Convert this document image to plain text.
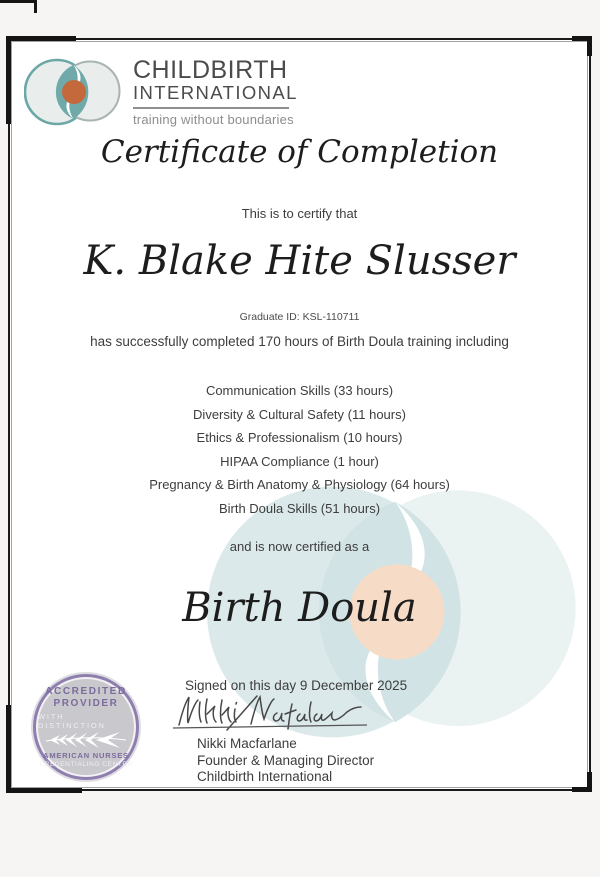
CHILDBIRTH
INTERNATIONAL
training without boundaries
Certificate of Completion
This is to certify that
K. Blake Hite Slusser
Graduate ID: KSL-110711
has successfully completed 170 hours of Birth Doula training including
Communication Skills (33 hours)
Diversity & Cultural Safety (11 hours)
Ethics & Professionalism (10 hours)
HIPAA Compliance (1 hour)
Pregnancy & Birth Anatomy & Physiology (64 hours)
Birth Doula Skills (51 hours)
and is now certified as a
Birth Doula
Signed on this day 9 December 2025
Nikki Macfarlane
Founder & Managing Director
Childbirth International
ACCREDITED
PROVIDER
WITH DISTINCTION
AMERICAN NURSES
CREDENTIALING CENTER
